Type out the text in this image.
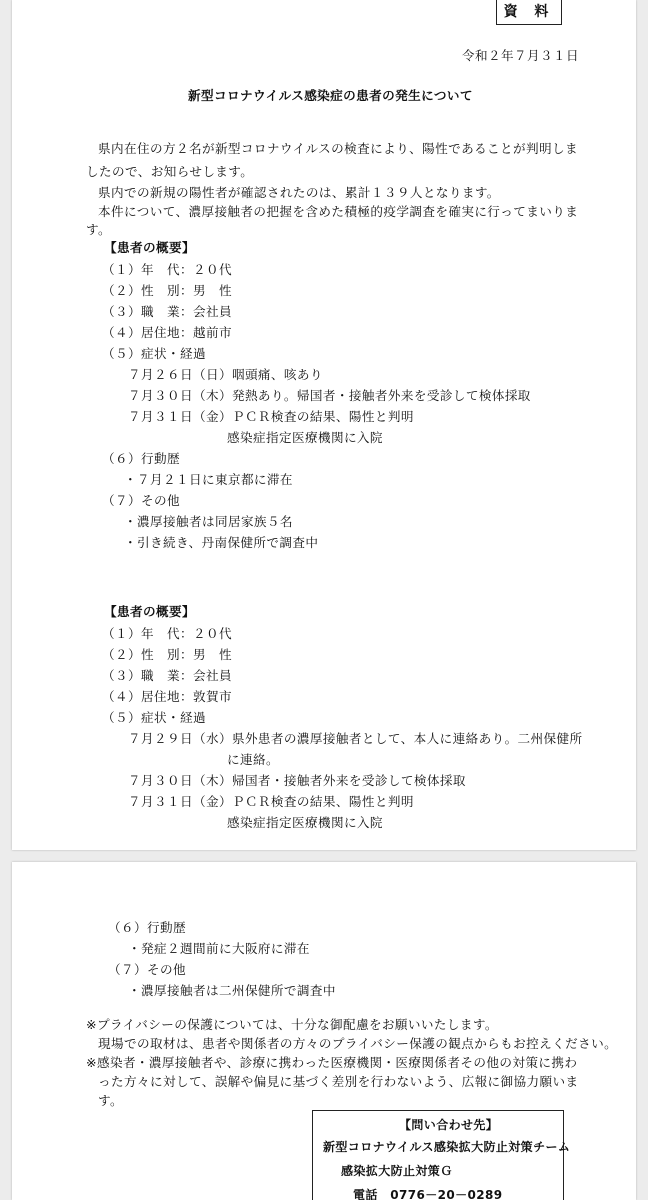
資 料
令和２年７月３１日
新型コロナウイルス感染症の患者の発生について
県内在住の方２名が新型コロナウイルスの検査により、陽性であることが判明しま
したので、お知らせします。
県内での新規の陽性者が確認されたのは、累計１３９人となります。
本件について、濃厚接触者の把握を含めた積極的疫学調査を確実に行ってまいりま
す。
【患者の概要】
（１）年　代：２０代
（２）性　別：男　性
（３）職　業：会社員
（４）居住地：越前市
（５）症状・経過
７月２６日（日）咽頭痛、咳あり
７月３０日（木）発熱あり。帰国者・接触者外来を受診して検体採取
７月３１日（金）ＰＣＲ検査の結果、陽性と判明
感染症指定医療機関に入院
（６）行動歴
・７月２１日に東京都に滞在
（７）その他
・濃厚接触者は同居家族５名
・引き続き、丹南保健所で調査中
【患者の概要】
（１）年　代：２０代
（２）性　別：男　性
（３）職　業：会社員
（４）居住地：敦賀市
（５）症状・経過
７月２９日（水）県外患者の濃厚接触者として、本人に連絡あり。二州保健所
に連絡。
７月３０日（木）帰国者・接触者外来を受診して検体採取
７月３１日（金）ＰＣＲ検査の結果、陽性と判明
感染症指定医療機関に入院
（６）行動歴
・発症２週間前に大阪府に滞在
（７）その他
・濃厚接触者は二州保健所で調査中
※プライバシーの保護については、十分な御配慮をお願いいたします。
現場での取材は、患者や関係者の方々のプライバシー保護の観点からもお控えください。
※感染者・濃厚接触者や、診療に携わった医療機関・医療関係者その他の対策に携わ
った方々に対して、誤解や偏見に基づく差別を行わないよう、広報に御協力願いま
す。
【問い合わせ先】
新型コロナウイルス感染拡大防止対策チーム
感染拡大防止対策Ｇ
電話　0776－20－0289
